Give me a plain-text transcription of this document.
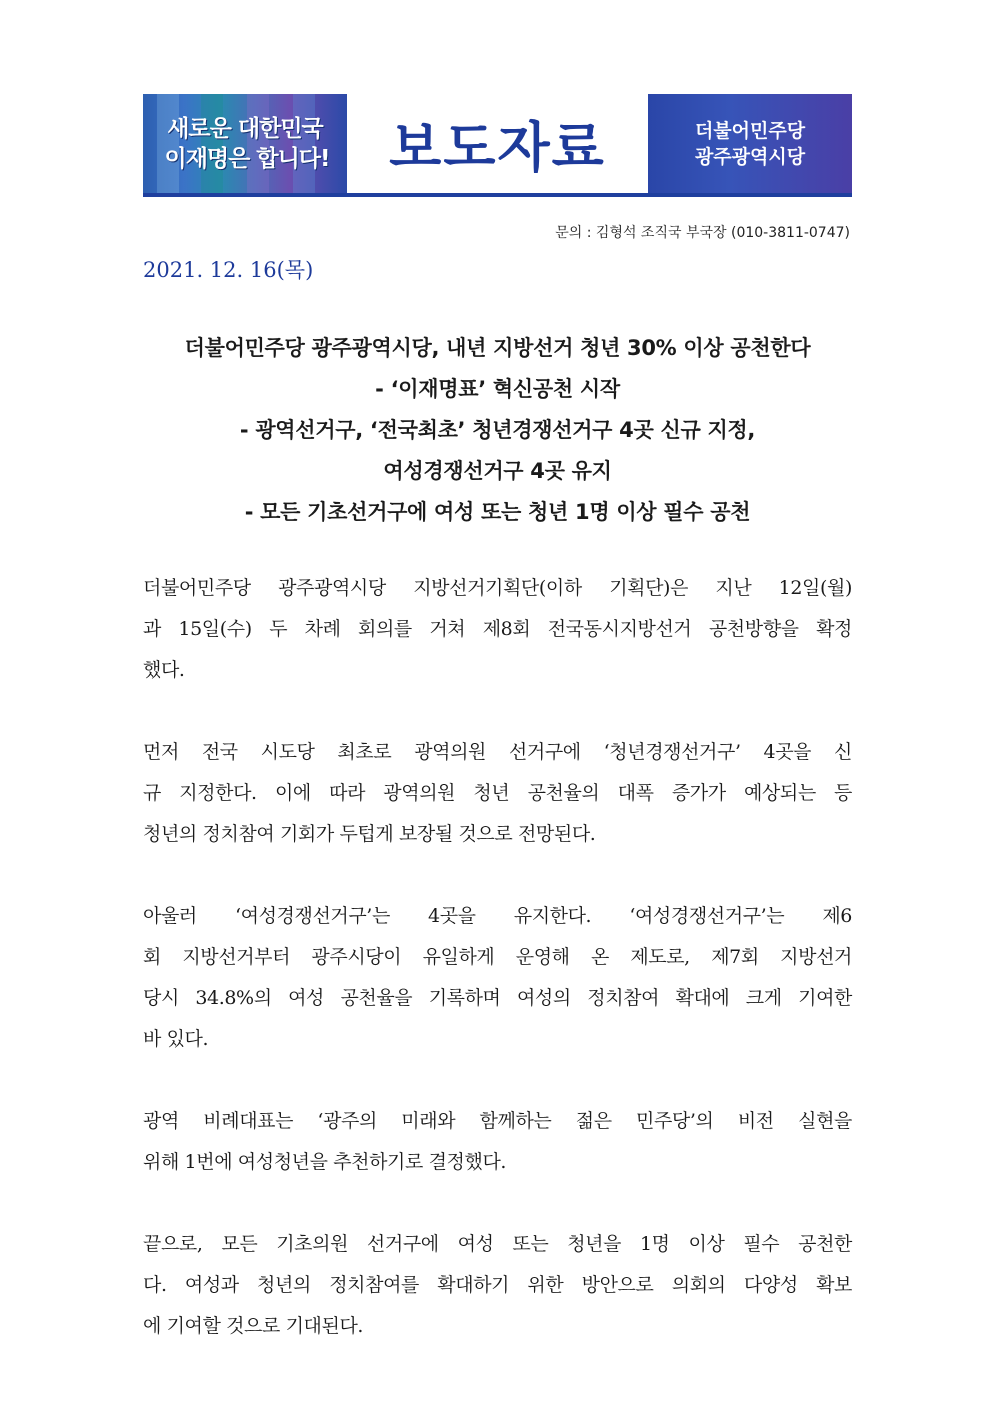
새로운 대한민국
이재명은 합니다! 보도자료	더불어민주당
광주광역시당
문의 : 김형석 조직국 부국장 (010-3811-0747)
2021. 12. 16(목)
더불어민주당 광주광역시당, 내년 지방선거 청년 30% 이상 공천한다
- ‘이재명표’ 혁신공천 시작
- 광역선거구, ‘전국최초’ 청년경쟁선거구 4곳 신규 지정,
여성경쟁선거구 4곳 유지
- 모든 기초선거구에 여성 또는 청년 1명 이상 필수 공천
더불어민주당 광주광역시당 지방선거기획단(이하 기획단)은 지난 12일(월)
과 15일(수) 두 차례 회의를 거쳐 제8회 전국동시지방선거 공천방향을 확정
했다.
먼저 전국 시도당 최초로 광역의원 선거구에 ‘청년경쟁선거구’ 4곳을 신
규 지정한다. 이에 따라 광역의원 청년 공천율의 대폭 증가가 예상되는 등
청년의 정치참여 기회가 두텁게 보장될 것으로 전망된다.
아울러 ‘여성경쟁선거구’는 4곳을 유지한다. ‘여성경쟁선거구’는 제6
회 지방선거부터 광주시당이 유일하게 운영해 온 제도로, 제7회 지방선거
당시 34.8%의 여성 공천율을 기록하며 여성의 정치참여 확대에 크게 기여한
바 있다.
광역 비례대표는 ‘광주의 미래와 함께하는 젊은 민주당’의 비전 실현을
위해 1번에 여성청년을 추천하기로 결정했다.
끝으로, 모든 기초의원 선거구에 여성 또는 청년을 1명 이상 필수 공천한
다. 여성과 청년의 정치참여를 확대하기 위한 방안으로 의회의 다양성 확보
에 기여할 것으로 기대된다.
